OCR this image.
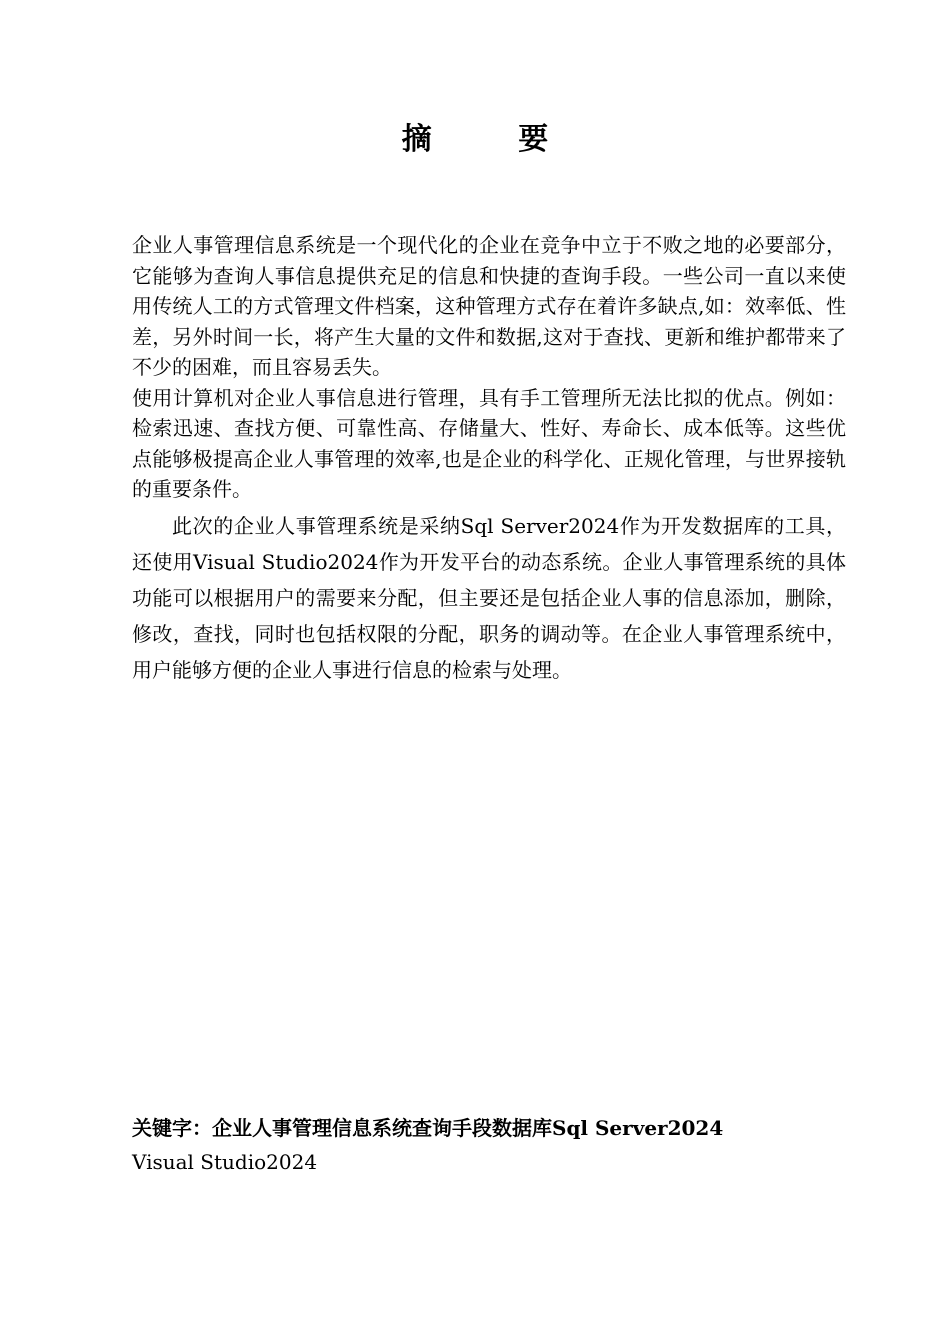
摘 要

企业人事管理信息系统是一个现代化的企业在竞争中立于不败之地的必要部分，它能够为查询人事信息提供充足的信息和快捷的查询手段。一些公司一直以来使用传统人工的方式管理文件档案，这种管理方式存在着许多缺点,如：效率低、性差，另外时间一长，将产生大量的文件和数据,这对于查找、更新和维护都带来了不少的困难，而且容易丢失。

使用计算机对企业人事信息进行管理，具有手工管理所无法比拟的优点。例如：检索迅速、查找方便、可靠性高、存储量大、性好、寿命长、成本低等。这些优点能够极提高企业人事管理的效率,也是企业的科学化、正规化管理，与世界接轨的重要条件。

此次的企业人事管理系统是采纳Sql Server2024作为开发数据库的工具，还使用Visual Studio2024作为开发平台的动态系统。企业人事管理系统的具体功能可以根据用户的需要来分配，但主要还是包括企业人事的信息添加，删除，修改，查找，同时也包括权限的分配，职务的调动等。在企业人事管理系统中，用户能够方便的企业人事进行信息的检索与处理。

关键字：企业人事管理信息系统查询手段数据库Sql Server2024
Visual Studio2024
